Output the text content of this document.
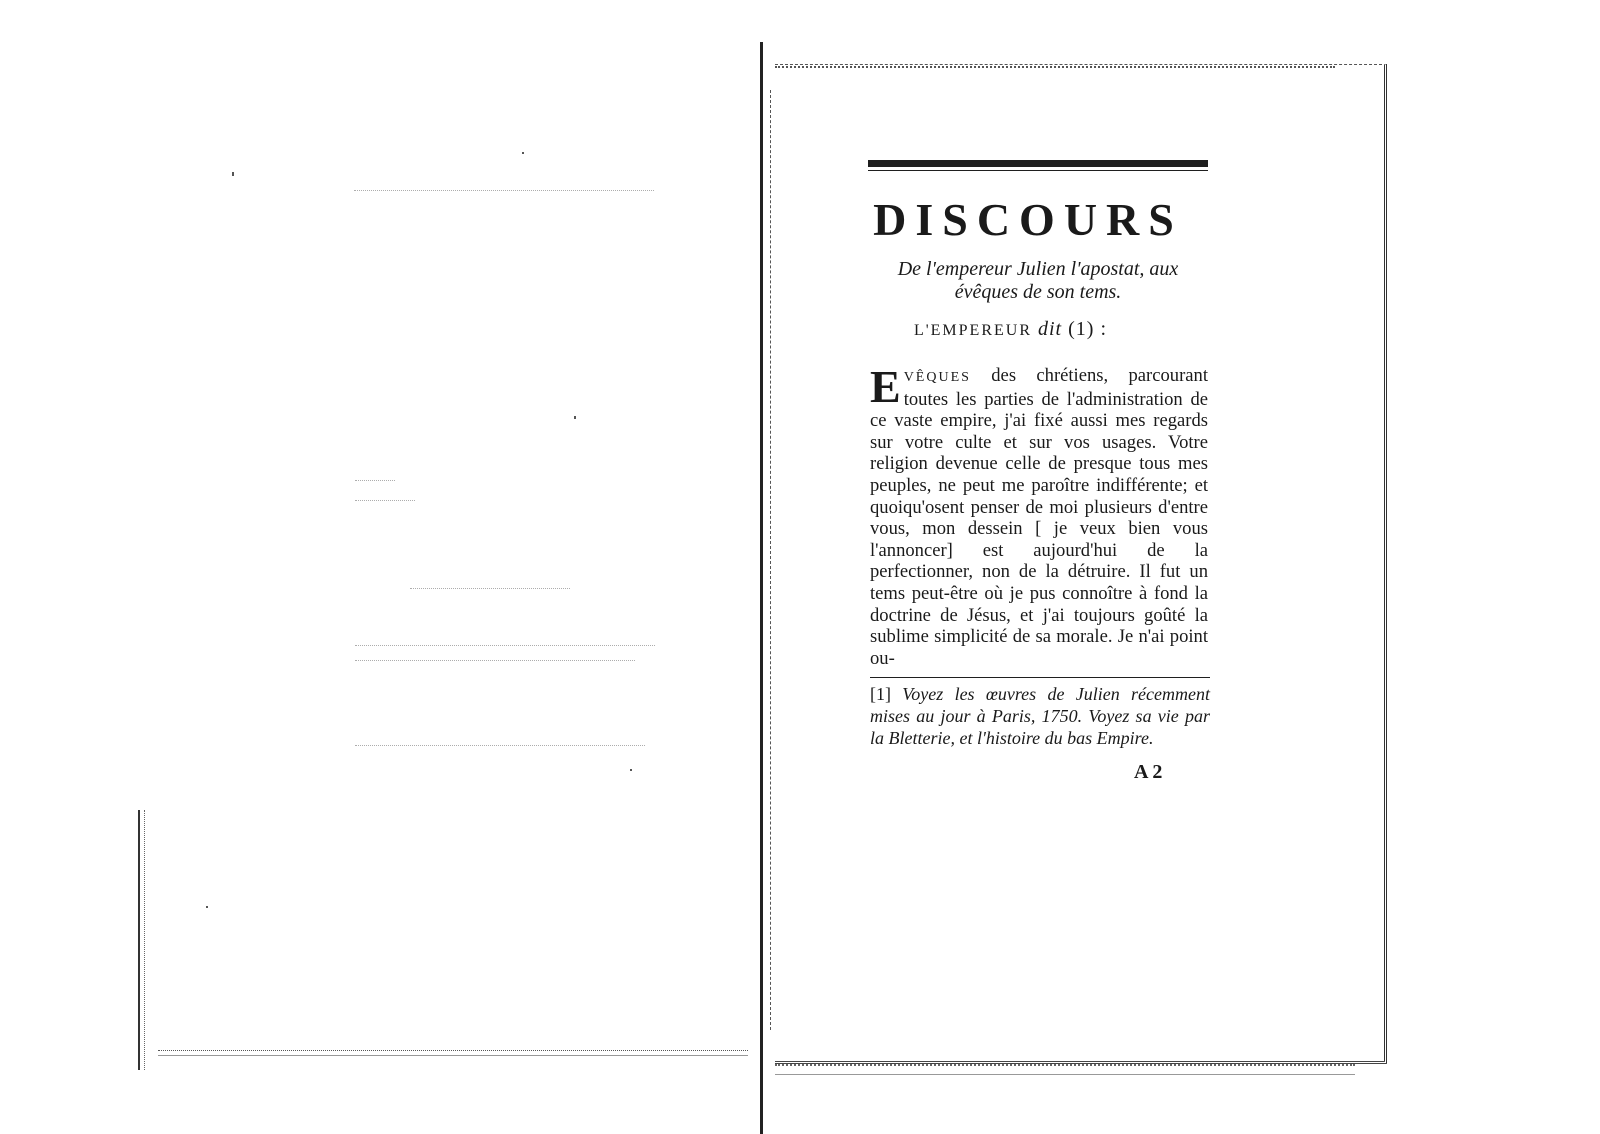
DISCOURS
De l'empereur Julien l'apostat, aux
évêques de son tems.
L'EMPEREUR dit (1) :
EVÊQUES des chrétiens, parcourant toutes les parties de l'administration de ce vaste empire, j'ai fixé aussi mes regards sur votre culte et sur vos usages. Votre religion devenue celle de presque tous mes peuples, ne peut me paroître indifférente; et quoiqu'osent penser de moi plusieurs d'entre vous, mon dessein [ je veux bien vous l'annoncer] est aujourd'hui de la perfectionner, non de la détruire. Il fut un tems peut-être où je pus connoître à fond la doctrine de Jésus, et j'ai toujours goûté la sublime simplicité de sa morale. Je n'ai point ou-
[1] Voyez les œuvres de Julien récemment mises au jour à Paris, 1750. Voyez sa vie par la Bletterie, et l'histoire du bas Empire.
A 2
